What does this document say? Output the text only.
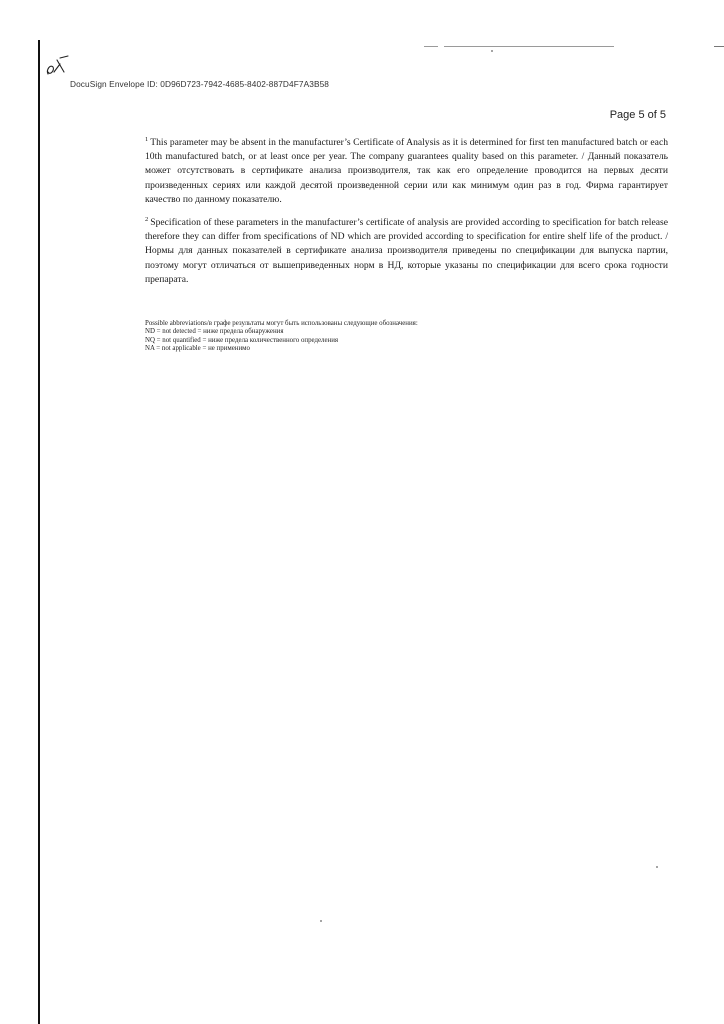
DocuSign Envelope ID: 0D96D723-7942-4685-8402-887D4F7A3B58
Page 5 of 5

$^1$ This parameter may be absent in the manufacturer’s Certificate of Analysis as it is determined for first ten manufactured batch or each 10th manufactured batch, or at least once per year. The company guarantees quality based on this parameter. / Данный показатель может отсутствовать в сертификате анализа производителя, так как его определение проводится на первых десяти произведенных сериях или каждой десятой произведенной серии или как минимум один раз в год. Фирма гарантирует качество по данному показателю.

$^2$ Specification of these parameters in the manufacturer’s certificate of analysis are provided according to specification for batch release therefore they can differ from specifications of ND which are provided according to specification for entire shelf life of the product. / Нормы для данных показателей в сертификате анализа производителя приведены по спецификации для выпуска партии, поэтому могут отличаться от вышеприведенных норм в НД, которые указаны по спецификации для всего срока годности препарата.

Possible abbreviations/в графе результаты могут быть использованы следующие обозначения:
ND = not detected = ниже предела обнаружения
NQ = not quantified = ниже предела количественного определения
NA = not applicable = не применимо
